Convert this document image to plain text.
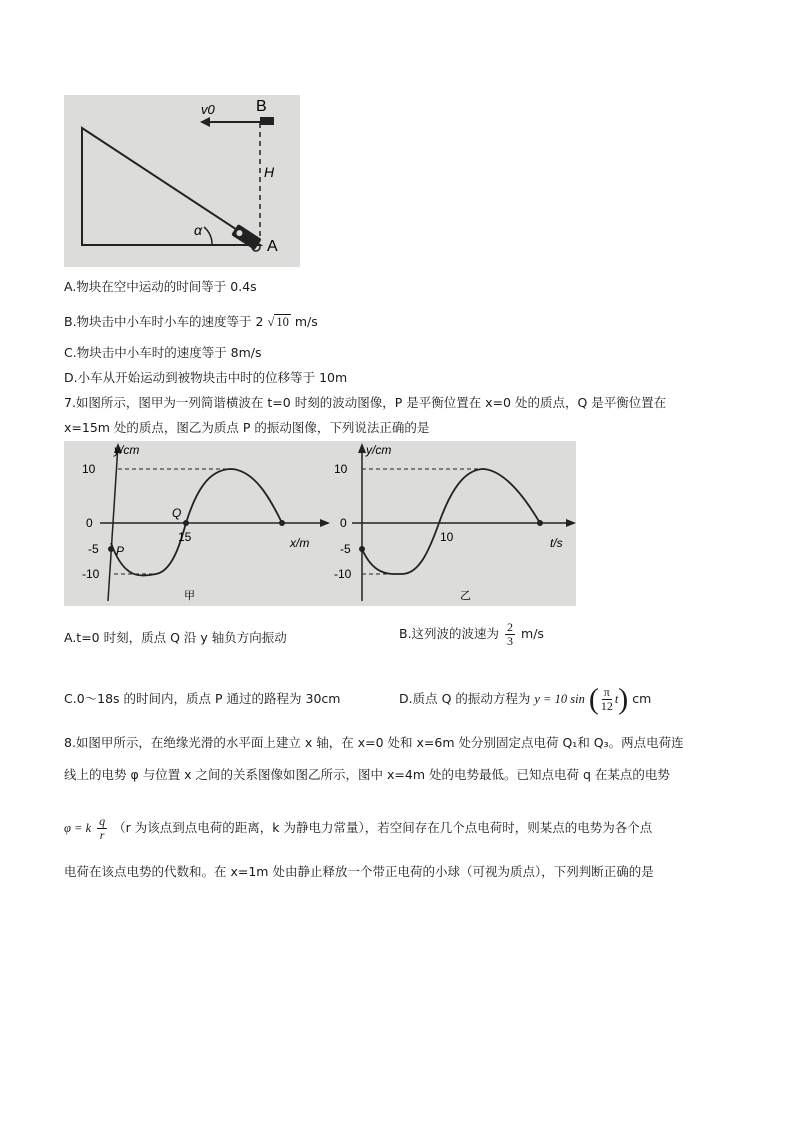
v0	B
H
α
A
A.物块在空中运动的时间等于 0.4s
B.物块击中小车时小车的速度等于 2 √ 10 m/s
C.物块击中小车时的速度等于 8m/s
D.小车从开始运动到被物块击中时的位移等于 10m
7.如图所示，图甲为一列简谐横波在 t=0 时刻的波动图像，P 是平衡位置在 x=0 处的质点，Q 是平衡位置在
x=15m 处的质点，图乙为质点 P 的振动图像，下列说法正确的是
y/cm
x/m
10
0
-5
-10
15
P
Q
甲
y/cm
t/s
10
0
-5
-10
10
乙
A.t=0 时刻，质点 Q 沿 y 轴负方向振动	B.这列波的波速为 $\frac{2}{3} m/s$
C.0～18s 的时间内，质点 P 通过的路程为 30cm	D.质点 Q 的振动方程为 y = 10 sin ( $\frac{\pi}{12} t$) cm
8.如图甲所示，在绝缘光滑的水平面上建立 x 轴，在 x=0 处和 x=6m 处分别固定点电荷 Q₁和 Q₃。两点电荷连
线上的电势 φ 与位置 x 之间的关系图像如图乙所示，图中 x=4m 处的电势最低。已知点电荷 q 在某点的电势
φ = k $\frac{q}{r} (r$ 为该点到点电荷的距离，k 为静电力常量），若空间存在几个点电荷时，则某点的电势为各个点
电荷在该点电势的代数和。在 x=1m 处由静止释放一个带正电荷的小球（可视为质点），下列判断正确的是
